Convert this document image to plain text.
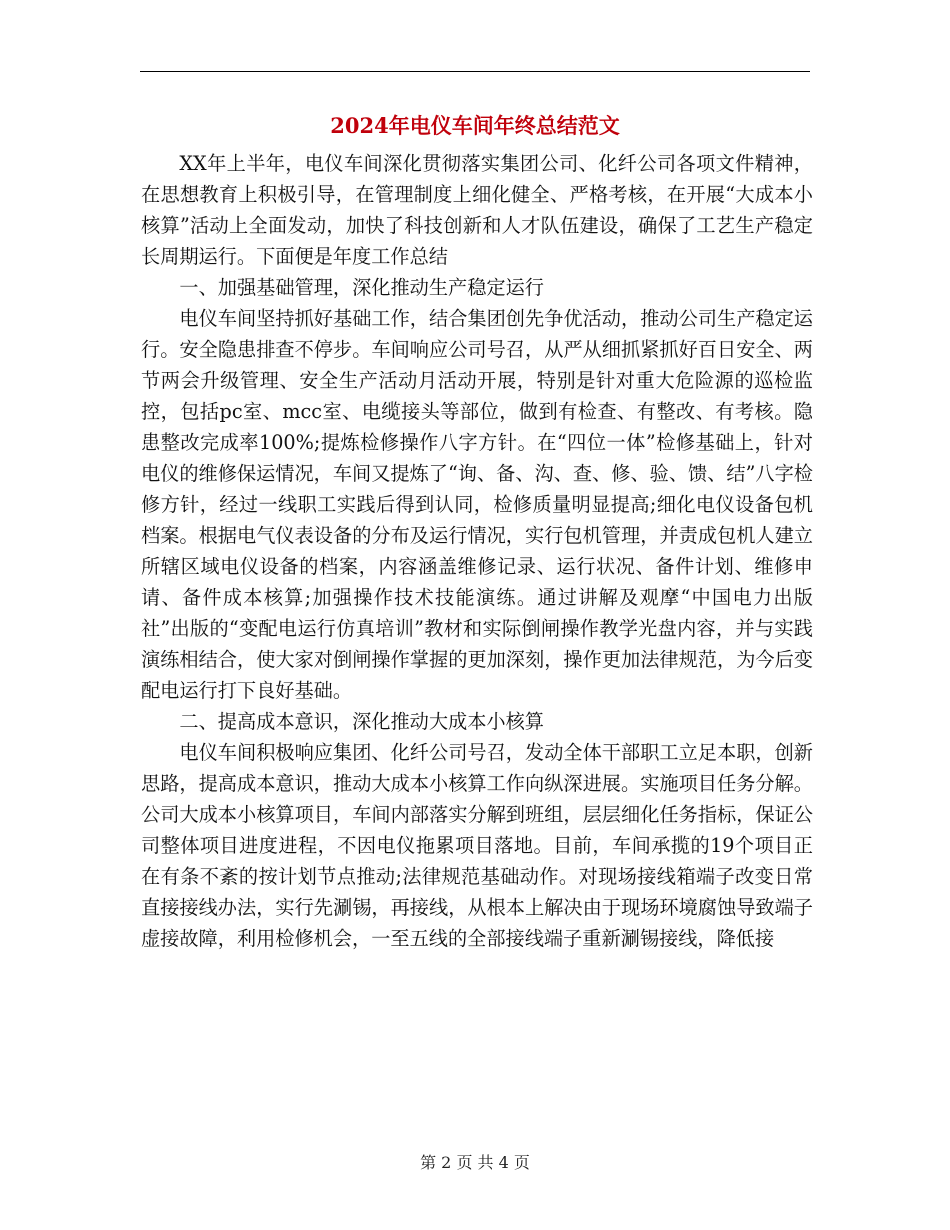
2024年电仪车间年终总结范文

XX年上半年，电仪车间深化贯彻落实集团公司、化纤公司各项文件精神，在思想教育上积极引导，在管理制度上细化健全、严格考核，在开展“大成本小核算”活动上全面发动，加快了科技创新和人才队伍建设，确保了工艺生产稳定长周期运行。下面便是年度工作总结

一、加强基础管理，深化推动生产稳定运行

电仪车间坚持抓好基础工作，结合集团创先争优活动，推动公司生产稳定运行。安全隐患排查不停步。车间响应公司号召，从严从细抓紧抓好百日安全、两节两会升级管理、安全生产活动月活动开展，特别是针对重大危险源的巡检监控，包括pc室、mcc室、电缆接头等部位，做到有检查、有整改、有考核。隐患整改完成率100%;提炼检修操作八字方针。在“四位一体”检修基础上，针对电仪的维修保运情况，车间又提炼了“询、备、沟、查、修、验、馈、结”八字检修方针，经过一线职工实践后得到认同，检修质量明显提高;细化电仪设备包机档案。根据电气仪表设备的分布及运行情况，实行包机管理，并责成包机人建立所辖区域电仪设备的档案，内容涵盖维修记录、运行状况、备件计划、维修申请、备件成本核算;加强操作技术技能演练。通过讲解及观摩“中国电力出版社”出版的“变配电运行仿真培训”教材和实际倒闸操作教学光盘内容，并与实践演练相结合，使大家对倒闸操作掌握的更加深刻，操作更加法律规范，为今后变配电运行打下良好基础。

二、提高成本意识，深化推动大成本小核算

电仪车间积极响应集团、化纤公司号召，发动全体干部职工立足本职，创新思路，提高成本意识，推动大成本小核算工作向纵深进展。实施项目任务分解。公司大成本小核算项目，车间内部落实分解到班组，层层细化任务指标，保证公司整体项目进度进程，不因电仪拖累项目落地。目前，车间承揽的19个项目正在有条不紊的按计划节点推动;法律规范基础动作。对现场接线箱端子改变日常直接接线办法，实行先涮锡，再接线，从根本上解决由于现场环境腐蚀导致端子虚接故障，利用检修机会，一至五线的全部接线端子重新涮锡接线，降低接

第 2 页 共 4 页
